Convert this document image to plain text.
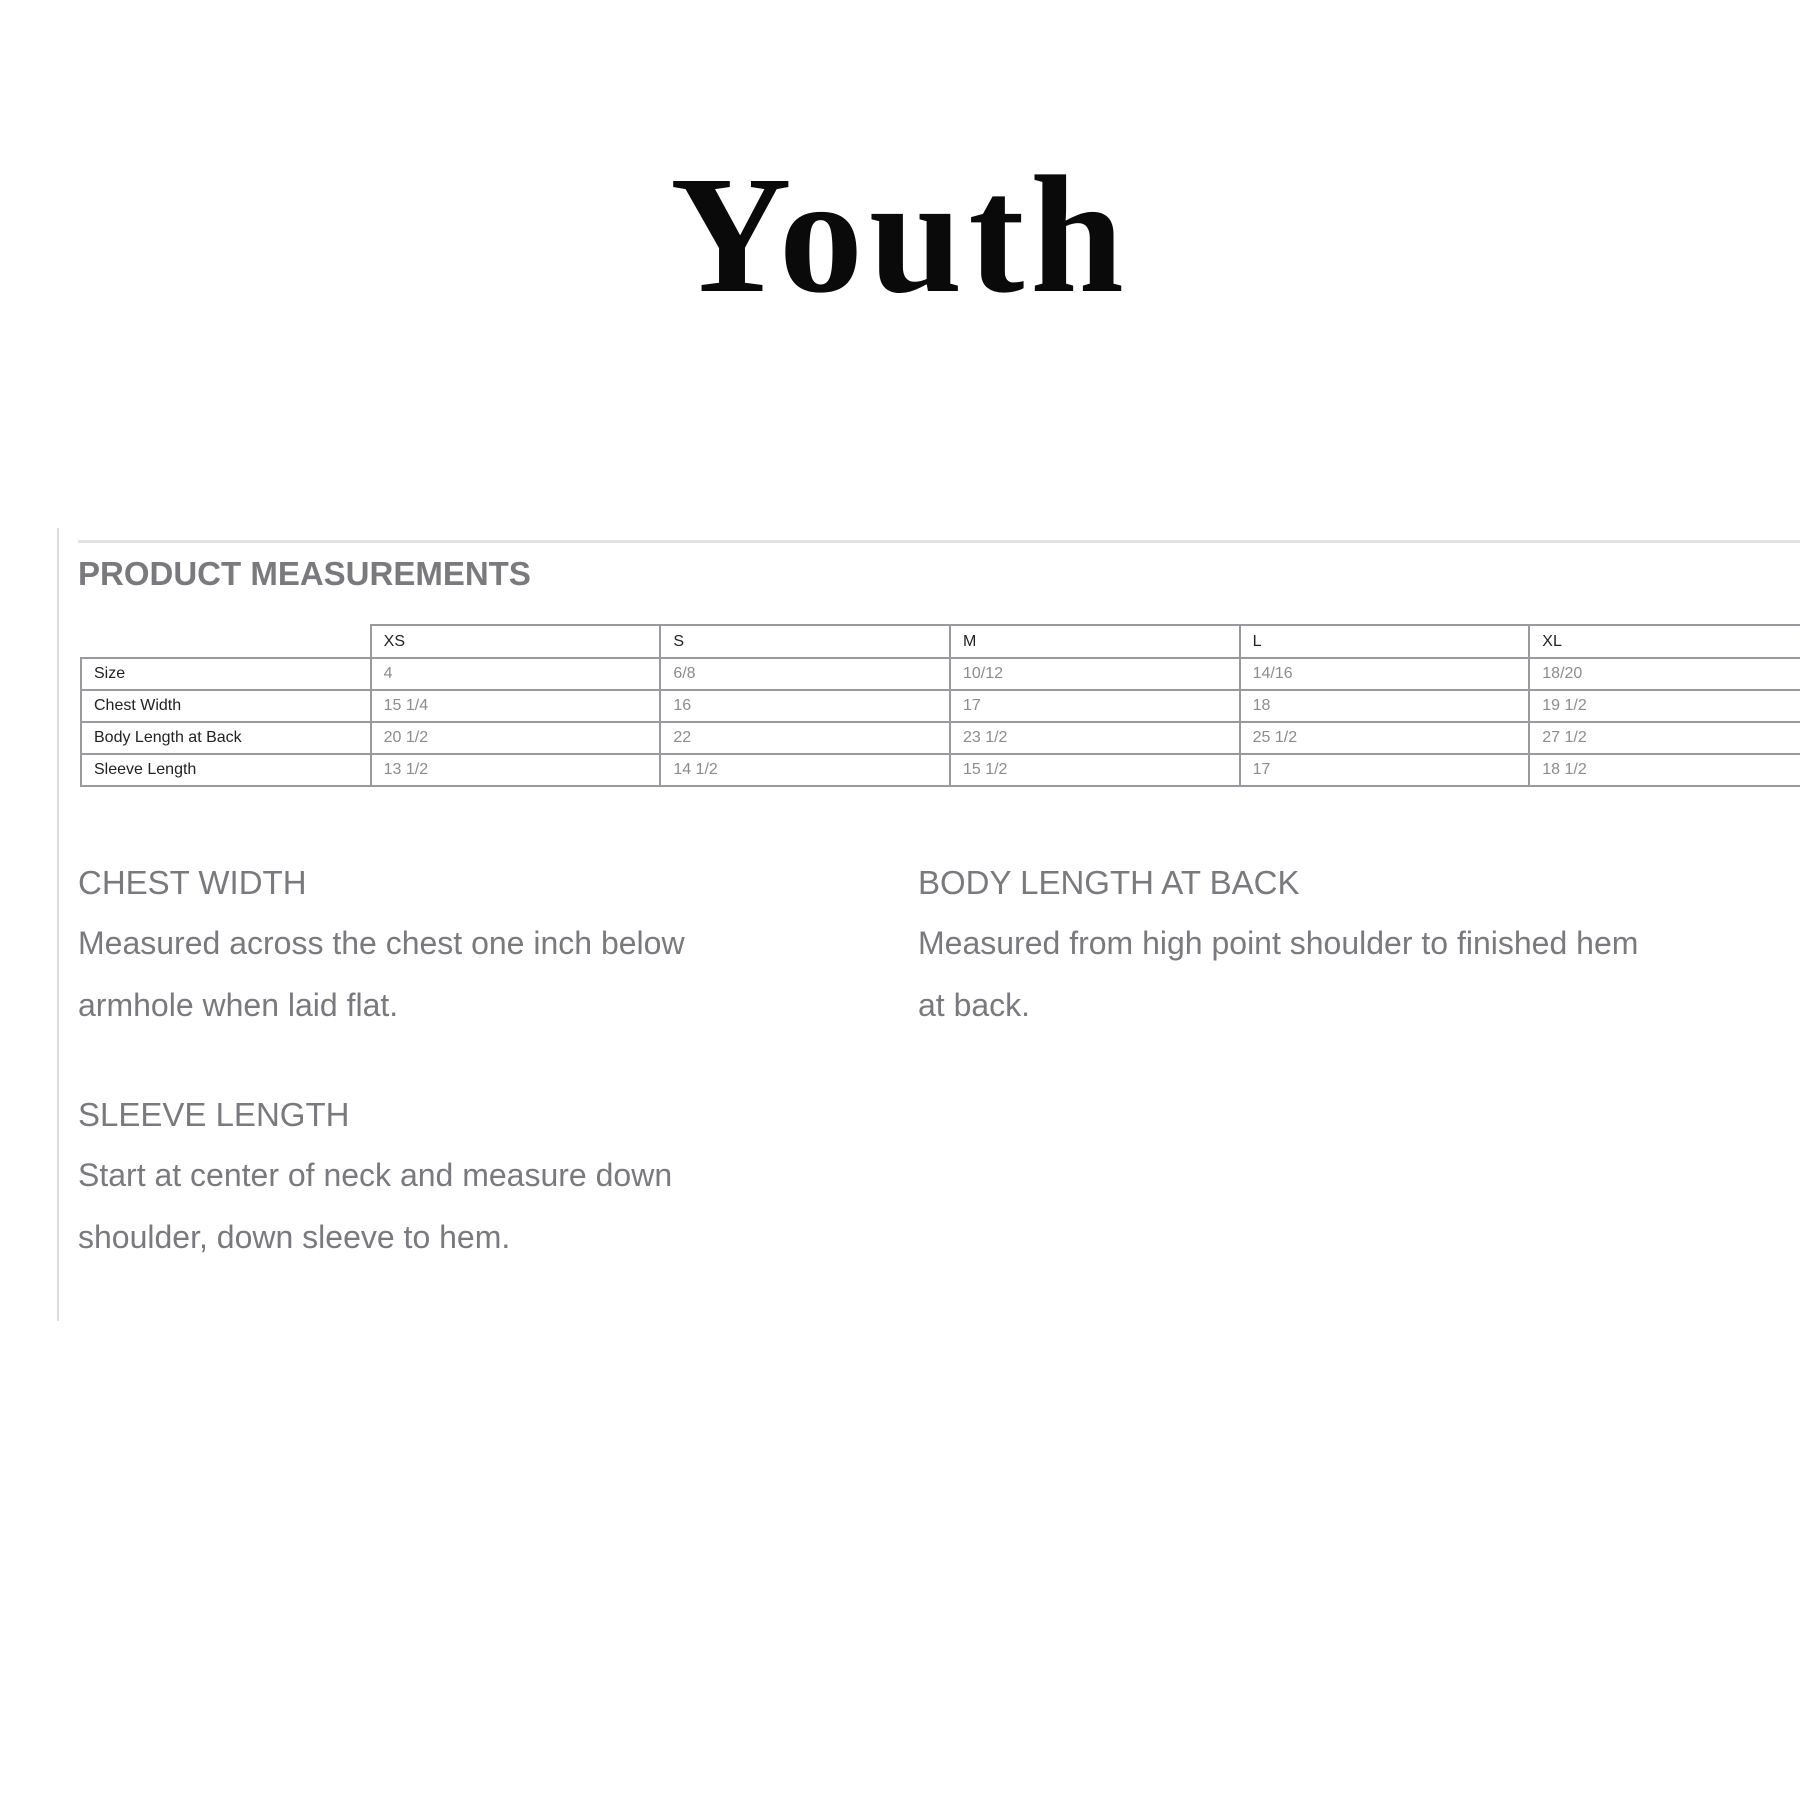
Youth
PRODUCT MEASUREMENTS
	XS	S	M	L	XL
Size	4	6/8	10/12	14/16	18/20
Chest Width	15 1/4	16	17	18	19 1/2
Body Length at Back	20 1/2	22	23 1/2	25 1/2	27 1/2
Sleeve Length	13 1/2	14 1/2	15 1/2	17	18 1/2
CHEST WIDTH
Measured across the chest one inch below
armhole when laid flat.
BODY LENGTH AT BACK
Measured from high point shoulder to finished hem
at back.
SLEEVE LENGTH
Start at center of neck and measure down
shoulder, down sleeve to hem.
